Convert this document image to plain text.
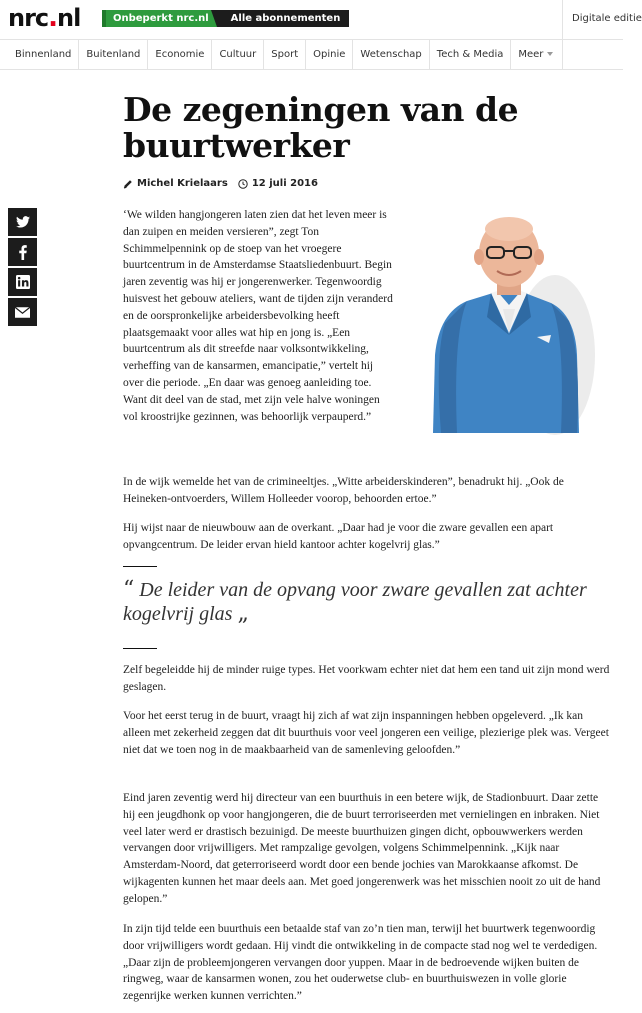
nrc.nl	Onbeperkt nrc.nl	Alle abonnementen	Digitale editie
Binnenland	Buitenland	Economie	Cultuur	Sport	Opinie	Wetenschap	Tech & Media	Meer
De zegeningen van de buurtwerker
Michel Krielaars 12 juli 2016

‘We wilden hangjongeren laten zien dat het leven meer is dan zuipen en meiden versieren”, zegt Ton Schimmelpennink op de stoep van het vroegere buurtcentrum in de Amsterdamse Staatsliedenbuurt. Begin jaren zeventig was hij er jongerenwerker. Tegenwoordig huisvest het gebouw ateliers, want de tijden zijn veranderd en de oorspronkelijke arbeidersbevolking heeft plaatsgemaakt voor alles wat hip en jong is. „Een buurtcentrum als dit streefde naar volksontwikkeling, verheffing van de kansarmen, emancipatie,” vertelt hij over die periode. „En daar was genoeg aanleiding toe. Want dit deel van de stad, met zijn vele halve woningen vol kroostrijke gezinnen, was behoorlijk verpauperd.”

In de wijk wemelde het van de crimineeltjes. „Witte arbeiderskinderen”, benadrukt hij. „Ook de Heineken-ontvoerders, Willem Holleeder voorop, behoorden ertoe.”

Hij wijst naar de nieuwbouw aan de overkant. „Daar had je voor die zware gevallen een apart opvangcentrum. De leider ervan hield kantoor achter kogelvrij glas.”

“ De leider van de opvang voor zware gevallen zat achter kogelvrij glas „

Zelf begeleidde hij de minder ruige types. Het voorkwam echter niet dat hem een tand uit zijn mond werd geslagen.

Voor het eerst terug in de buurt, vraagt hij zich af wat zijn inspanningen hebben opgeleverd. „Ik kan alleen met zekerheid zeggen dat dit buurthuis voor veel jongeren een veilige, plezierige plek was. Vergeet niet dat we toen nog in de maakbaarheid van de samenleving geloofden.”

Eind jaren zeventig werd hij directeur van een buurthuis in een betere wijk, de Stadionbuurt. Daar zette hij een jeugdhonk op voor hangjongeren, die de buurt terroriseerden met vernielingen en inbraken. Niet veel later werd er drastisch bezuinigd. De meeste buurthuizen gingen dicht, opbouwwerkers werden vervangen door vrijwilligers. Met rampzalige gevolgen, volgens Schimmelpennink. „Kijk naar Amsterdam-Noord, dat geterroriseerd wordt door een bende jochies van Marokkaanse afkomst. De wijkagenten kunnen het maar deels aan. Met goed jongerenwerk was het misschien nooit zo uit de hand gelopen.”

In zijn tijd telde een buurthuis een betaalde staf van zo’n tien man, terwijl het buurtwerk tegenwoordig door vrijwilligers wordt gedaan. Hij vindt die ontwikkeling in de compacte stad nog wel te verdedigen. „Daar zijn de probleemjongeren vervangen door yuppen. Maar in de bedroevende wijken buiten de ringweg, waar de kansarmen wonen, zou het ouderwetse club- en buurthuiswezen in volle glorie zegenrijke werken kunnen verrichten.”
